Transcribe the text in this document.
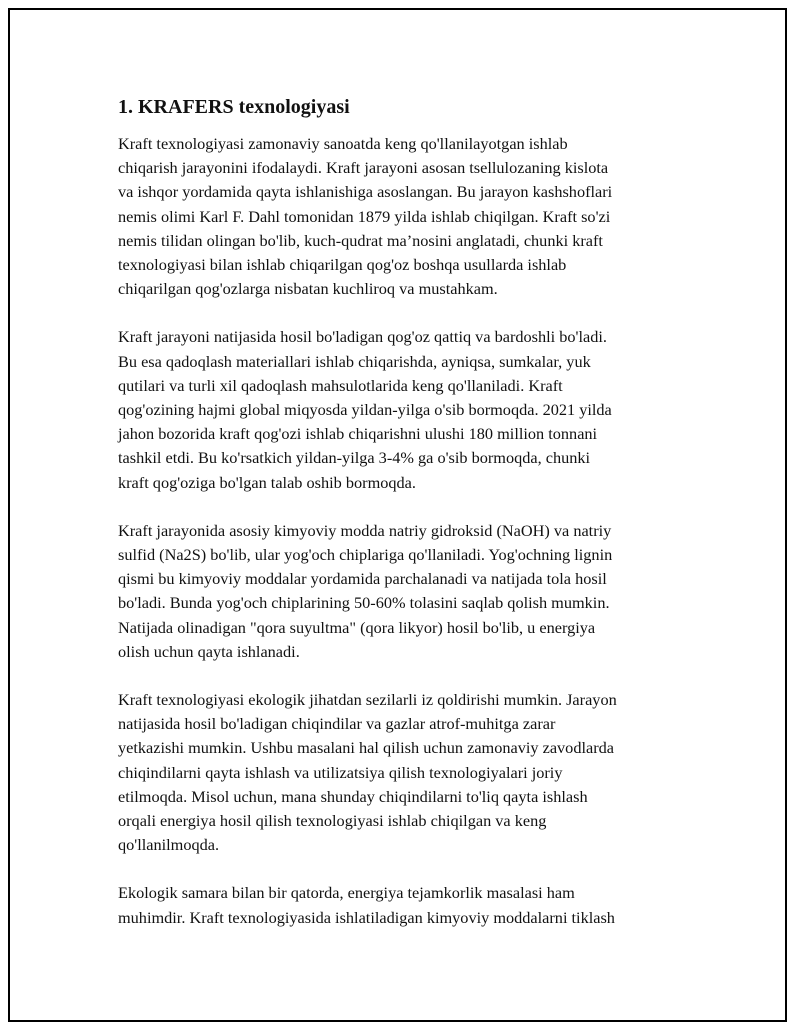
1. KRAFERS texnologiyasi
Kraft texnologiyasi zamonaviy sanoatda keng qo'llanilayotgan ishlab
chiqarish jarayonini ifodalaydi. Kraft jarayoni asosan tsellulozaning kislota
va ishqor yordamida qayta ishlanishiga asoslangan. Bu jarayon kashshoflari
nemis olimi Karl F. Dahl tomonidan 1879 yilda ishlab chiqilgan. Kraft so'zi
nemis tilidan olingan bo'lib, kuch-qudrat ma’nosini anglatadi, chunki kraft
texnologiyasi bilan ishlab chiqarilgan qog'oz boshqa usullarda ishlab
chiqarilgan qog'ozlarga nisbatan kuchliroq va mustahkam.
Kraft jarayoni natijasida hosil bo'ladigan qog'oz qattiq va bardoshli bo'ladi.
Bu esa qadoqlash materiallari ishlab chiqarishda, ayniqsa, sumkalar, yuk
qutilari va turli xil qadoqlash mahsulotlarida keng qo'llaniladi. Kraft
qog'ozining hajmi global miqyosda yildan-yilga o'sib bormoqda. 2021 yilda
jahon bozorida kraft qog'ozi ishlab chiqarishni ulushi 180 million tonnani
tashkil etdi. Bu ko'rsatkich yildan-yilga 3-4% ga o'sib bormoqda, chunki
kraft qog'oziga bo'lgan talab oshib bormoqda.
Kraft jarayonida asosiy kimyoviy modda natriy gidroksid (NaOH) va natriy
sulfid (Na2S) bo'lib, ular yog'och chiplariga qo'llaniladi. Yog'ochning lignin
qismi bu kimyoviy moddalar yordamida parchalanadi va natijada tola hosil
bo'ladi. Bunda yog'och chiplarining 50-60% tolasini saqlab qolish mumkin.
Natijada olinadigan "qora suyultma" (qora likyor) hosil bo'lib, u energiya
olish uchun qayta ishlanadi.
Kraft texnologiyasi ekologik jihatdan sezilarli iz qoldirishi mumkin. Jarayon
natijasida hosil bo'ladigan chiqindilar va gazlar atrof-muhitga zarar
yetkazishi mumkin. Ushbu masalani hal qilish uchun zamonaviy zavodlarda
chiqindilarni qayta ishlash va utilizatsiya qilish texnologiyalari joriy
etilmoqda. Misol uchun, mana shunday chiqindilarni to'liq qayta ishlash
orqali energiya hosil qilish texnologiyasi ishlab chiqilgan va keng
qo'llanilmoqda.
Ekologik samara bilan bir qatorda, energiya tejamkorlik masalasi ham
muhimdir. Kraft texnologiyasida ishlatiladigan kimyoviy moddalarni tiklash
